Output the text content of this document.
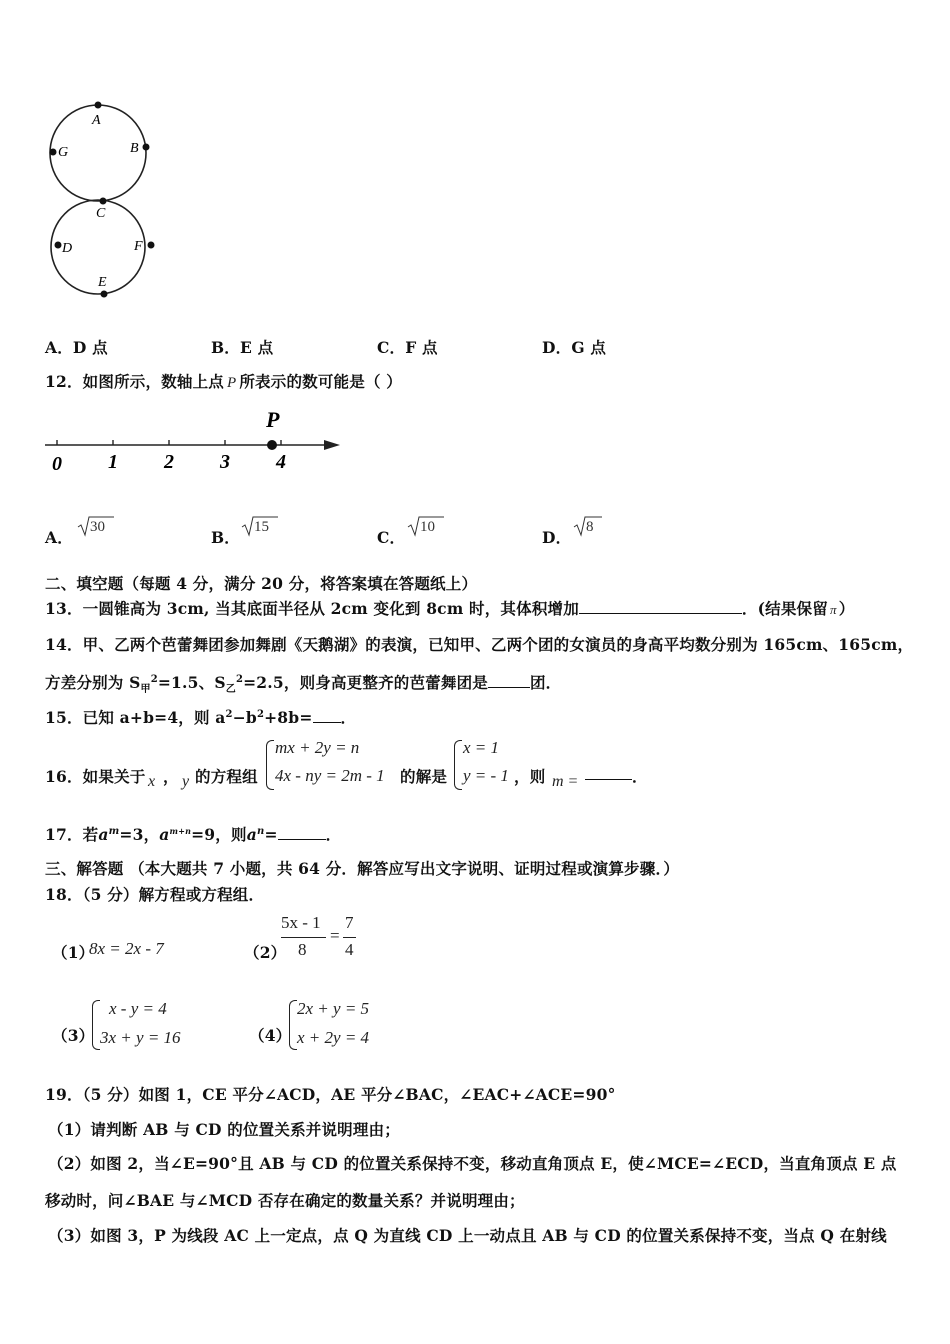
A
G	B
C
D	F
E
A．D 点	B．E 点	C．F 点	D．G 点
12．如图所示，数轴上点 P 所表示的数可能是（ ）
P
0 1 2 3 4
A．
30
B．
15
C．
10
D．
8
二、填空题（每题 4 分，满分 20 分，将答案填在答题纸上）
13．一圆锥高为 3cm, 当其底面半径从 2cm 变化到 8cm 时，其体积增加	．(结果保留 π ）
14．甲、乙两个芭蕾舞团参加舞剧《天鹅湖》的表演，已知甲、乙两个团的女演员的身高平均数分别为 165cm、165cm，
方差分别为 $S_甲^2=1.5$、$S_乙^2=2.5$，则身高更整齐的芭蕾舞团是	团．
15．已知 a+b=4，则 $a^2-b^2+8b=$ ．
16．如果关于 x ， y 的方程组
mx + 2y = n
4x - ny = 2m - 1 的解是
x = 1
y = - 1 ，则 m =	．
17．若$a^m=3$，$a^{m+n}=9$，则$a^n=$	．
三、解答题 （本大题共 7 小题，共 64 分．解答应写出文字说明、证明过程或演算步骤．）
18．（5 分）解方程或方程组．
（1）
8x = 2x - 7	（2）
5x - 1
8
=
7
4
（3）
x - y = 4
3x + y = 16	（4）
2x + y = 5
x + 2y = 4
19．（5 分）如图 1，CE 平分∠ACD，AE 平分∠BAC，∠EAC+∠ACE=90°
（1）请判断 AB 与 CD 的位置关系并说明理由；
（2）如图 2，当∠E=90°且 AB 与 CD 的位置关系保持不变，移动直角顶点 E，使∠MCE=∠ECD，当直角顶点 E 点
移动时，问∠BAE 与∠MCD 否存在确定的数量关系？并说明理由；
（3）如图 3，P 为线段 AC 上一定点，点 Q 为直线 CD 上一动点且 AB 与 CD 的位置关系保持不变，当点 Q 在射线
